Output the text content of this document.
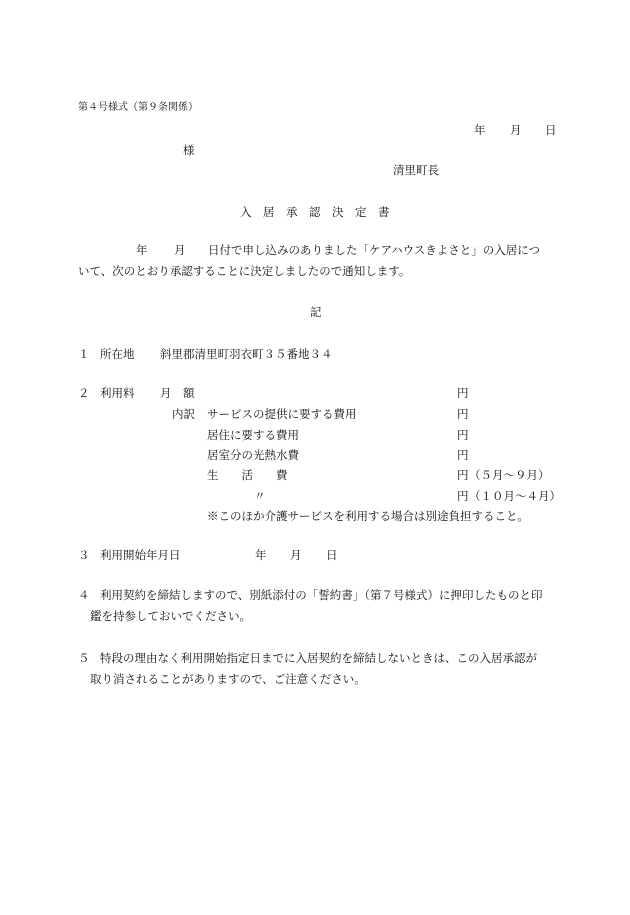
第４号様式（第９条関係）
年 月 日
様
清里町長
入　居　承　認　決　定　書
年 月 日付で申し込みのありました「ケアハウスきよさと」の入居につ
いて、次のとおり承認することに決定しましたので通知します。
記
１ 所在地 斜里郡清里町羽衣町３５番地３４
２ 利用料 月　額	円
内訳 サービスの提供に要する費用	円
居住に要する費用	円
居室分の光熱水費	円
生　　活　　費	円 （５月～９月）
〃	円 （１０月～４月）
※このほか介護サービスを利用する場合は別途負担すること。
３ 利用開始年月日	年 月 日
４ 利用契約を締結しますので、別紙添付の「誓約書」（第７号様式）に押印したものと印
鑑を持参しておいでください。
５ 特段の理由なく利用開始指定日までに入居契約を締結しないときは、この入居承認が
取り消されることがありますので、ご注意ください。
